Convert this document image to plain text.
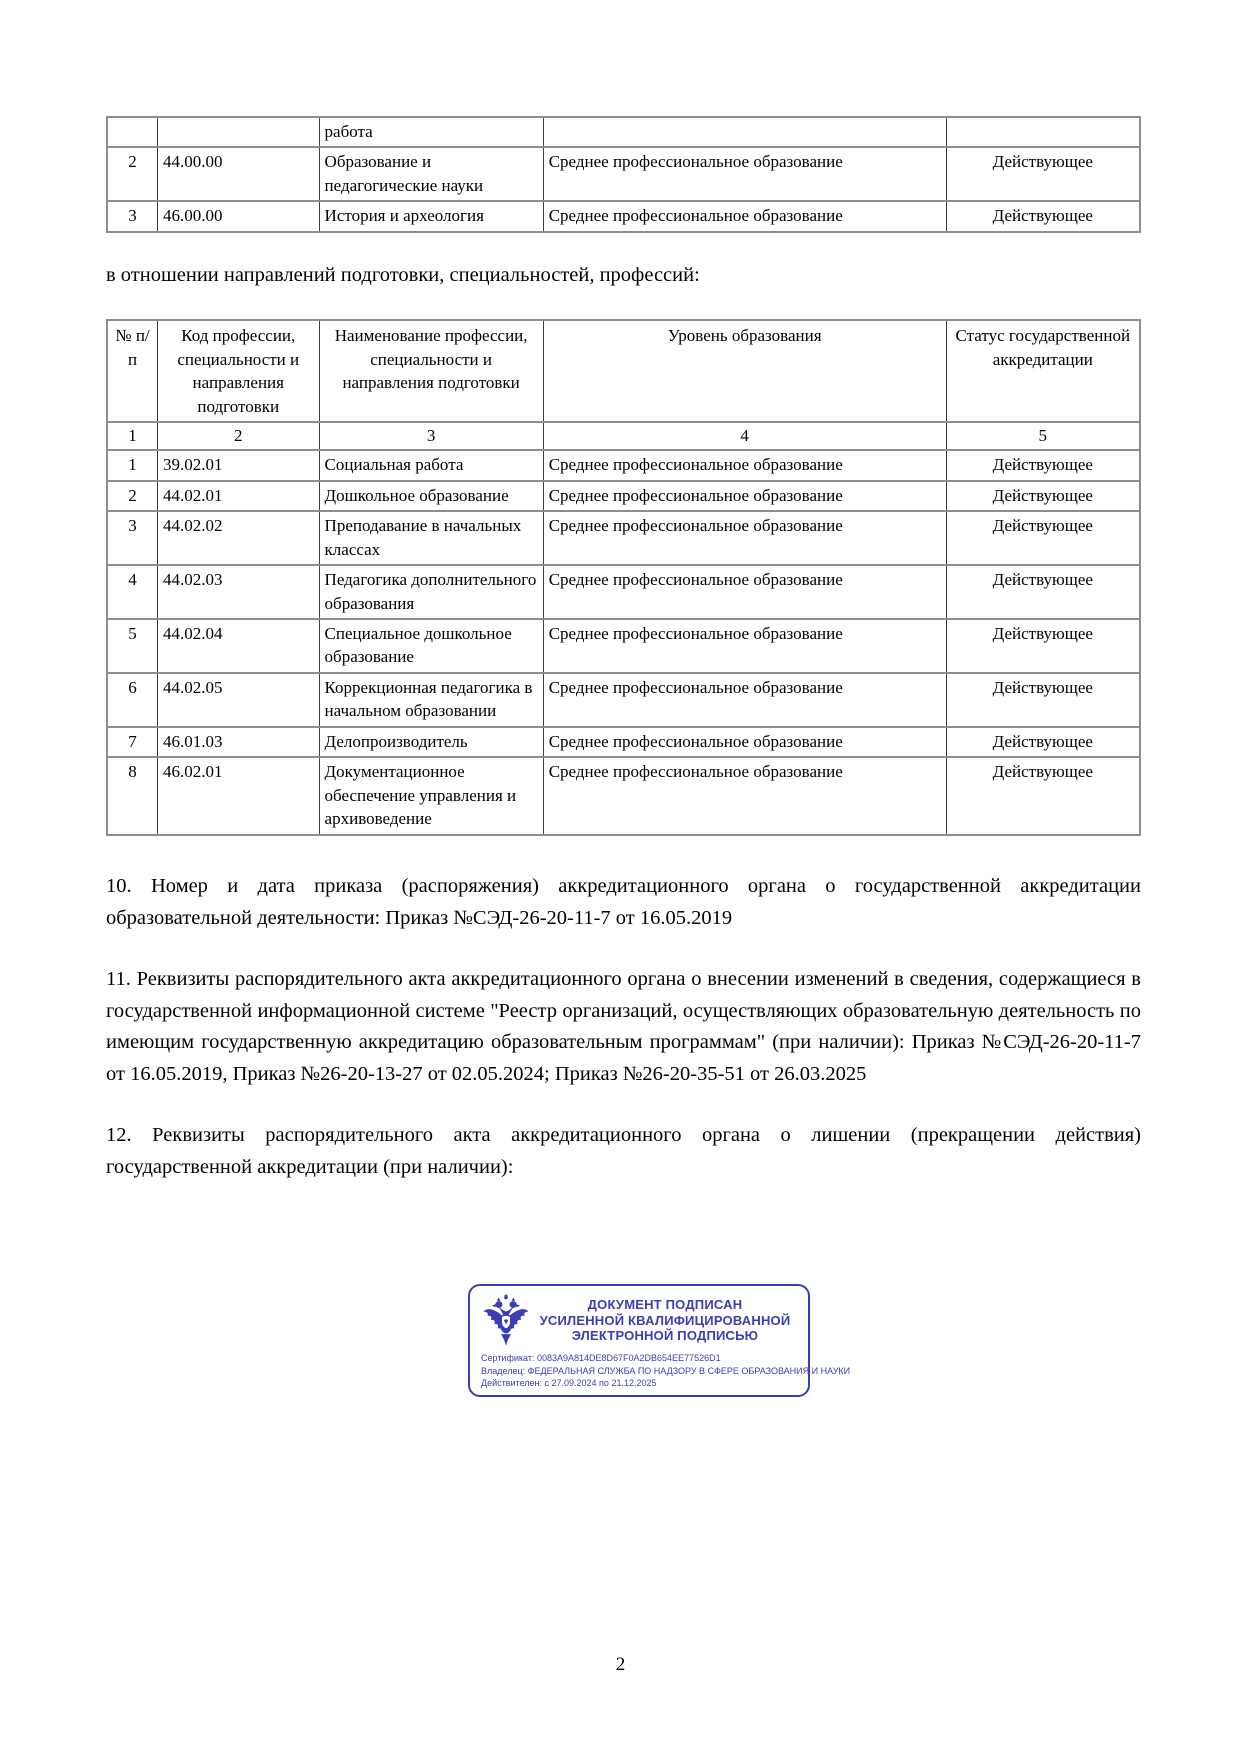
		работа		
2	44.00.00	Образование и педагогические науки	Среднее профессиональное образование	Действующее
3	46.00.00	История и археология	Среднее профессиональное образование	Действующее

в отношении направлений подготовки, специальностей, профессий:

№ п/п	Код профессии, специальности и направления подготовки	Наименование профессии, специальности и направления подготовки	Уровень образования	Статус государственной аккредитации
1	2	3	4	5
1	39.02.01	Социальная работа	Среднее профессиональное образование	Действующее
2	44.02.01	Дошкольное образование	Среднее профессиональное образование	Действующее
3	44.02.02	Преподавание в начальных классах	Среднее профессиональное образование	Действующее
4	44.02.03	Педагогика дополнительного образования	Среднее профессиональное образование	Действующее
5	44.02.04	Специальное дошкольное образование	Среднее профессиональное образование	Действующее
6	44.02.05	Коррекционная педагогика в начальном образовании	Среднее профессиональное образование	Действующее
7	46.01.03	Делопроизводитель	Среднее профессиональное образование	Действующее
8	46.02.01	Документационное обеспечение управления и архивоведение	Среднее профессиональное образование	Действующее

10. Номер и дата приказа (распоряжения) аккредитационного органа о государственной аккредитации образовательной деятельности: Приказ №СЭД-26-20-11-7 от 16.05.2019

11. Реквизиты распорядительного акта аккредитационного органа о внесении изменений в сведения, содержащиеся в государственной информационной системе "Реестр организаций, осуществляющих образовательную деятельность по имеющим государственную аккредитацию образовательным программам" (при наличии): Приказ №СЭД-26-20-11-7 от 16.05.2019, Приказ №26-20-13-27 от 02.05.2024; Приказ №26-20-35-51 от 26.03.2025

12. Реквизиты распорядительного акта аккредитационного органа о лишении (прекращении действия) государственной аккредитации (при наличии):

ДОКУМЕНТ ПОДПИСАН
УСИЛЕННОЙ КВАЛИФИЦИРОВАННОЙ
ЭЛЕКТРОННОЙ ПОДПИСЬЮ
Сертификат: 0083A9A814DE8D67F0A2DB654EE77526D1
Владелец: ФЕДЕРАЛЬНАЯ СЛУЖБА ПО НАДЗОРУ В СФЕРЕ ОБРАЗОВАНИЯ И НАУКИ
Действителен: с 27.09.2024 по 21.12.2025
2
